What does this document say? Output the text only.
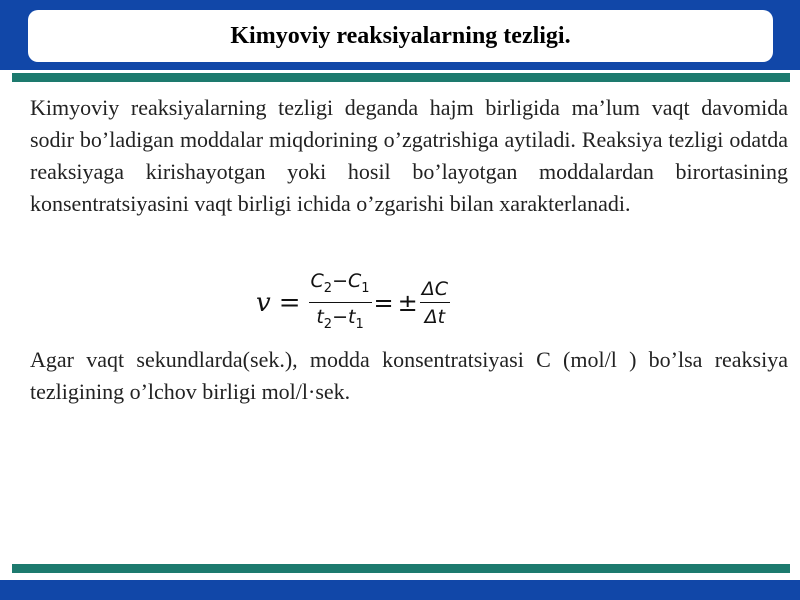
Kimyoviy reaksiyalarning tezligi.

Kimyoviy reaksiyalarning tezligi deganda hajm birligida ma’lum vaqt davomida sodir bo’ladigan moddalar miqdorining o’zgatrishiga aytiladi. Reaksiya tezligi odatda reaksiyaga kirishayotgan yoki hosil bo’layotgan moddalardan birortasining konsentratsiyasini vaqt birligi ichida o’zgarishi bilan xarakterlanadi.

$v = \frac{C_2-C_1}{t_2-t_1}$ = ± $\frac{\Delta C}{\Delta t}$

Agar vaqt sekundlarda(sek.), modda konsentratsiyasi C (mol/l ) bo’lsa reaksiya tezligining o’lchov birligi mol/l·sek.
